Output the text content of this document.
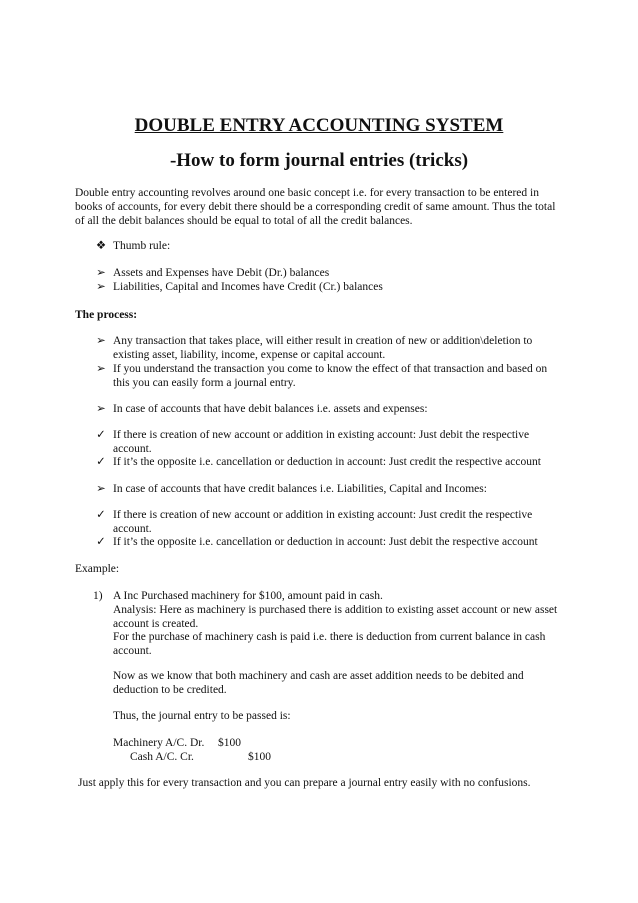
DOUBLE ENTRY ACCOUNTING SYSTEM
-How to form journal entries (tricks)
Double entry accounting revolves around one basic concept i.e. for every transaction to be entered in books of accounts, for every debit there should be a corresponding credit of same amount. Thus the total of all the debit balances should be equal to total of all the credit balances.
❖ Thumb rule:
➢ Assets and Expenses have Debit (Dr.) balances
➢ Liabilities, Capital and Incomes have Credit (Cr.) balances
The process:
➢ Any transaction that takes place, will either result in creation of new or addition\deletion to existing asset, liability, income, expense or capital account.
➢ If you understand the transaction you come to know the effect of that transaction and based on this you can easily form a journal entry.
➢ In case of accounts that have debit balances i.e. assets and expenses:
✓ If there is creation of new account or addition in existing account: Just debit the respective account.
✓ If it’s the opposite i.e. cancellation or deduction in account: Just credit the respective account
➢ In case of accounts that have credit balances i.e. Liabilities, Capital and Incomes:
✓ If there is creation of new account or addition in existing account: Just credit the respective account.
✓ If it’s the opposite i.e. cancellation or deduction in account: Just debit the respective account
Example:
1) A Inc Purchased machinery for $100, amount paid in cash.
Analysis: Here as machinery is purchased there is addition to existing asset account or new asset account is created.
For the purchase of machinery cash is paid i.e. there is deduction from current balance in cash account.
Now as we know that both machinery and cash are asset addition needs to be debited and deduction to be credited.
Thus, the journal entry to be passed is:
Machinery A/C. Dr. $100
Cash A/C. Cr.	$100
Just apply this for every transaction and you can prepare a journal entry easily with no confusions.
